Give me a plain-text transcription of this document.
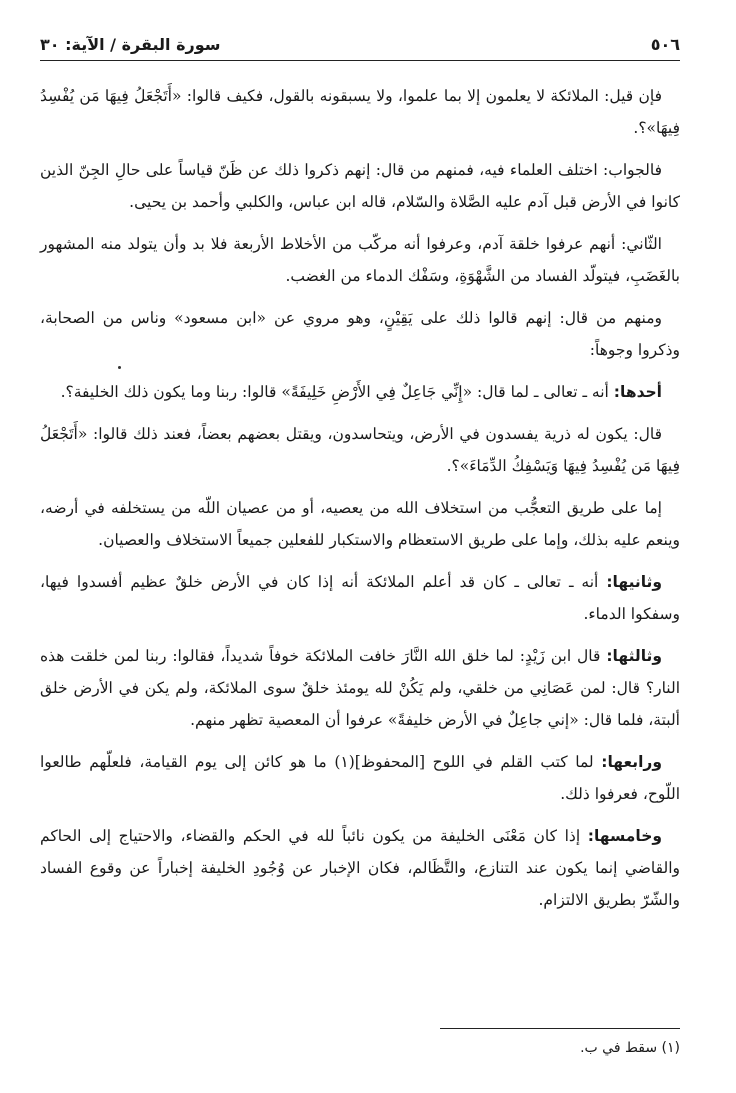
٥٠٦
سورة البقرة / الآية: ٣٠

فإن قيل: الملائكة لا يعلمون إلا بما علموا، ولا يسبقونه بالقول، فكيف قالوا: «أَتَجْعَلُ فِيهَا مَن يُفْسِدُ فِيهَا»؟.

فالجواب: اختلف العلماء فيه، فمنهم من قال: إنهم ذكروا ذلك عن ظَنّ قياساً على حالِ الجِنّ الذين كانوا في الأرض قبل آدم عليه الصَّلاة والسّلام، قاله ابن عباس، والكلبي وأحمد بن يحيى.

الثّاني: أنهم عرفوا خلقة آدم، وعرفوا أنه مركّب من الأخلاط الأربعة فلا بد وأن يتولد منه المشهور بالغَضَبِ، فيتولّد الفساد من الشَّهْوَةِ، وسَفْك الدماء من الغضب.

ومنهم من قال: إنهم قالوا ذلك على يَقِيْنٍ، وهو مروي عن «ابن مسعود» وناس من الصحابة، وذكروا وجوهاً:

أحدها: أنه ـ تعالى ـ لما قال: «إِنِّي جَاعِلٌ فِي الأَرْضِ خَلِيفَةً» قالوا: ربنا وما يكون ذلك الخليفة؟.

قال: يكون له ذرية يفسدون في الأرض، ويتحاسدون، ويقتل بعضهم بعضاً، فعند ذلك قالوا: «أَتَجْعَلُ فِيهَا مَن يُفْسِدُ فِيهَا وَيَسْفِكُ الدِّمَاءَ»؟.

إما على طريق التعجُّب من استخلاف الله من يعصيه، أو من عصيان اللّه من يستخلفه في أرضه، وينعم عليه بذلك، وإما على طريق الاستعظام والاستكبار للفعلين جميعاً الاستخلاف والعصيان.

وثانيها: أنه ـ تعالى ـ كان قد أعلم الملائكة أنه إذا كان في الأرض خلقٌ عظيم أفسدوا فيها، وسفكوا الدماء.

وثالثها: قال ابن زَيْدٍ: لما خلق الله النَّارَ خافت الملائكة خوفاً شديداً، فقالوا: ربنا لمن خلقت هذه النار؟ قال: لمن عَصَانِي من خلقي، ولم يَكُنْ لله يومئذ خلقٌ سوى الملائكة، ولم يكن في الأرض خلق ألبتة، فلما قال: «إني جاعِلٌ في الأرض خليفةً» عرفوا أن المعصية تظهر منهم.

ورابعها: لما كتب القلم في اللوح [المحفوظ](١) ما هو كائن إلى يوم القيامة، فلعلّهم طالعوا اللّوح، فعرفوا ذلك.

وخامسها: إذا كان مَعْنَى الخليفة من يكون نائباً لله في الحكم والقضاء، والاحتياج إلى الحاكم والقاضي إنما يكون عند التنازع، والتَّظَالم، فكان الإخبار عن وُجُودِ الخليفة إخباراً عن وقوع الفساد والشّرّ بطريق الالتزام.

(١) سقط في ب.
